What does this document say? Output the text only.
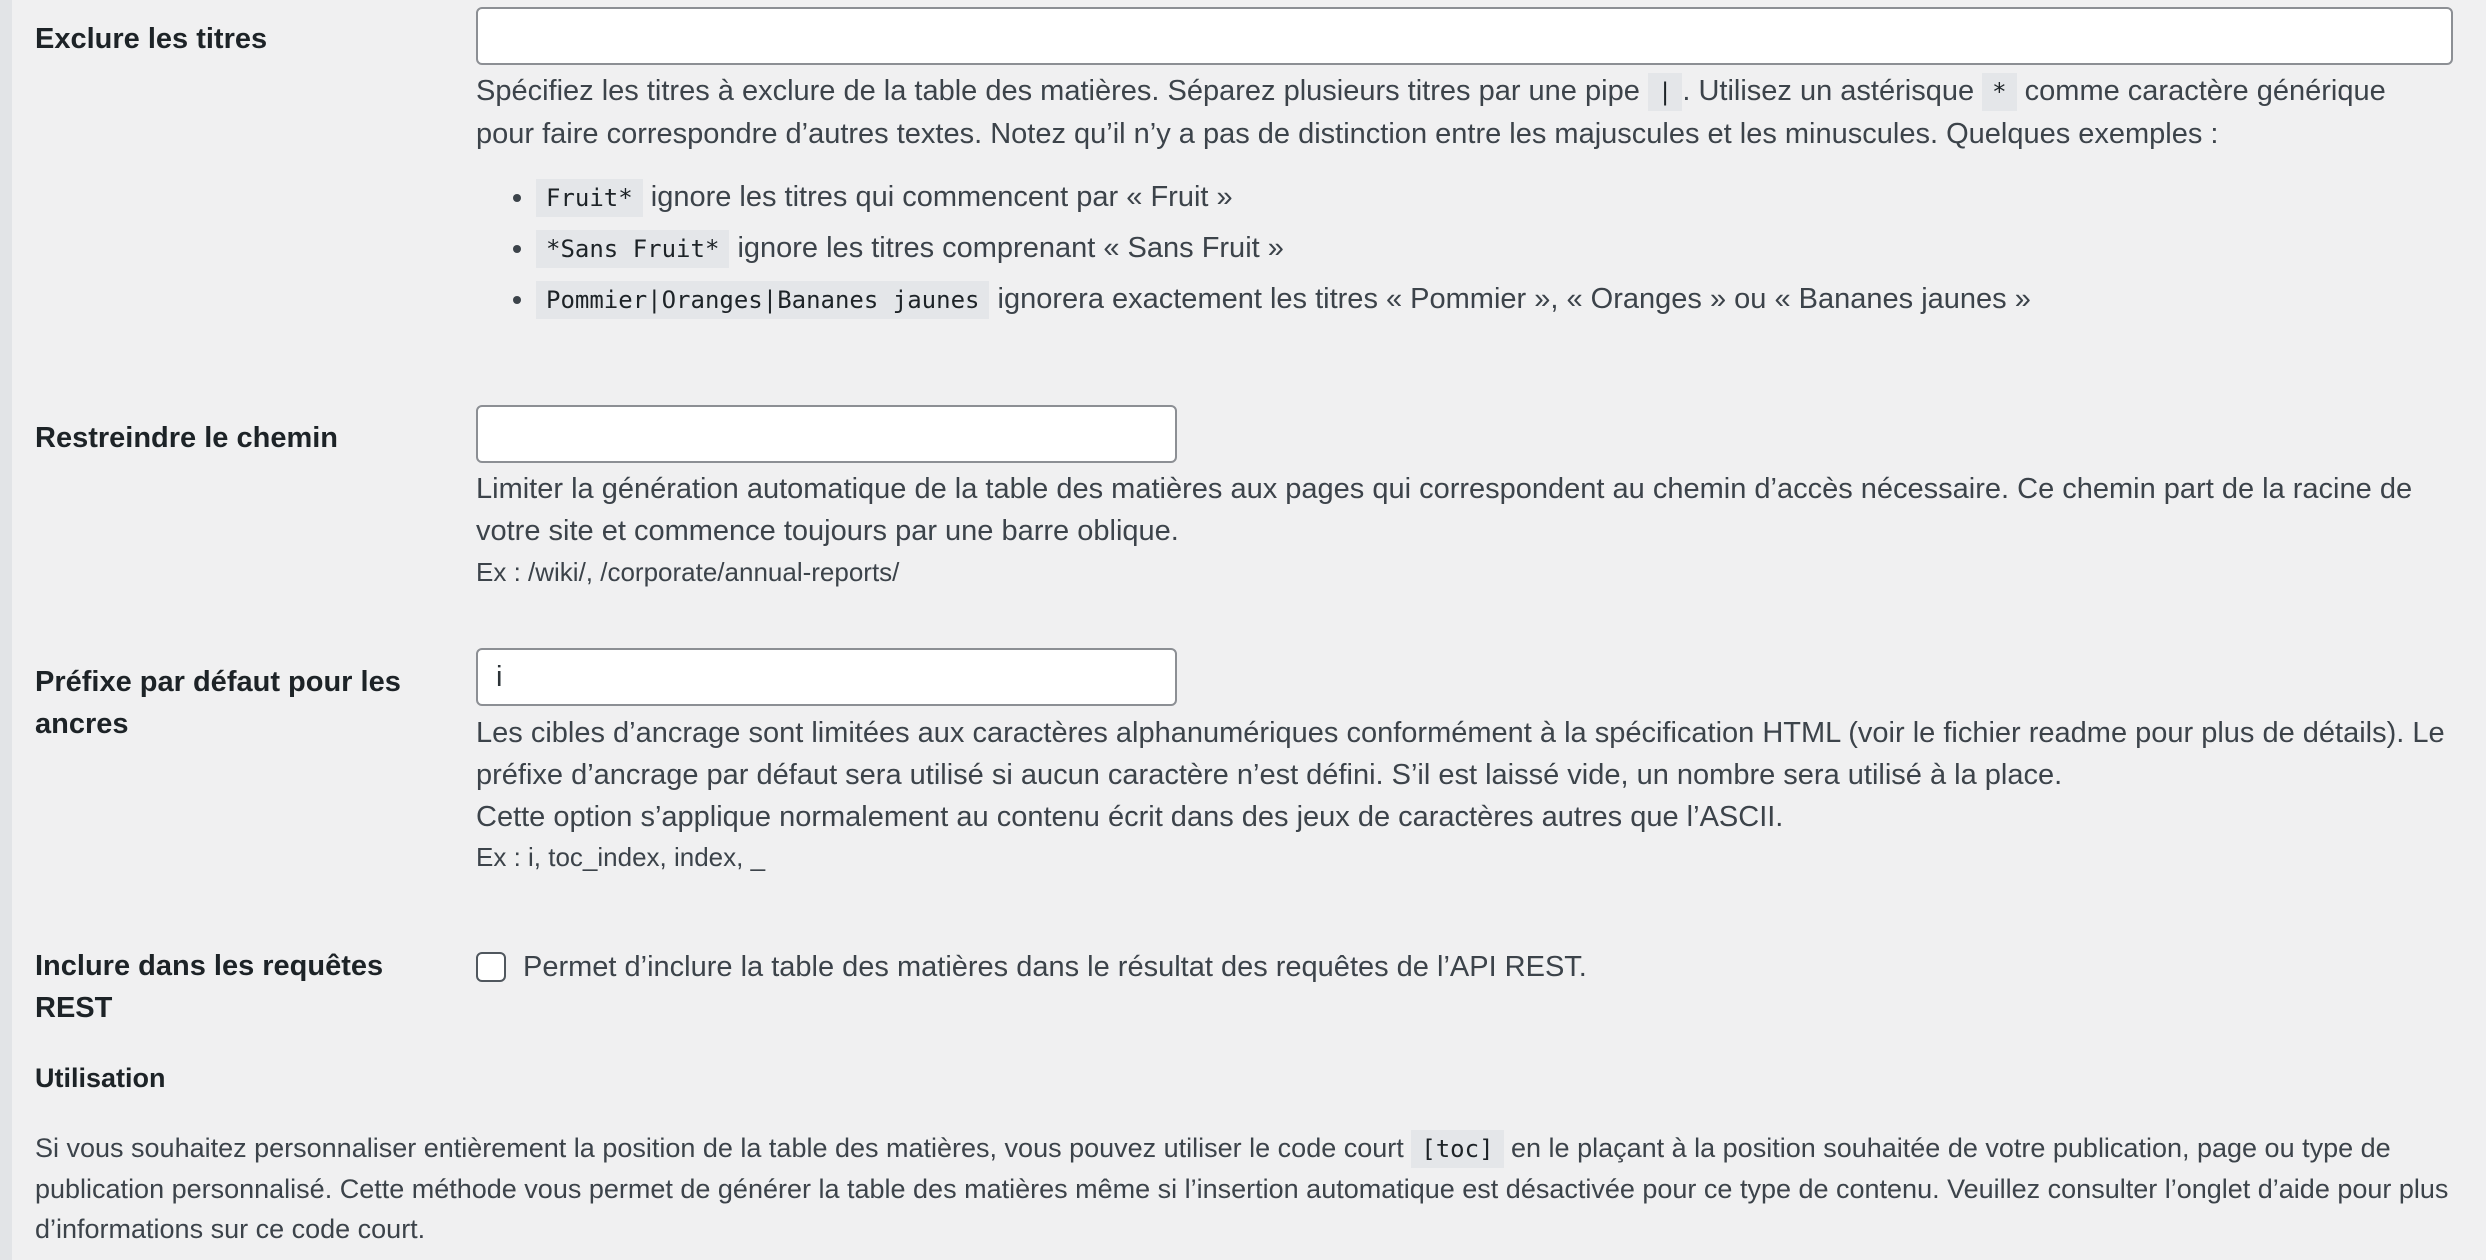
Exclure les titres
Spécifiez les titres à exclure de la table des matières. Séparez plusieurs titres par une pipe | . Utilisez un astérisque * comme caractère générique pour faire correspondre d’autres textes. Notez qu’il n’y a pas de distinction entre les majuscules et les minuscules. Quelques exemples :
• Fruit* ignore les titres qui commencent par « Fruit »
• *Sans Fruit* ignore les titres comprenant « Sans Fruit »
• Pommier|Oranges|Bananes jaunes ignorera exactement les titres « Pommier », « Oranges » ou « Bananes jaunes »
Restreindre le chemin
Limiter la génération automatique de la table des matières aux pages qui correspondent au chemin d’accès nécessaire. Ce chemin part de la racine de votre site et commence toujours par une barre oblique.
Ex : /wiki/, /corporate/annual-reports/
Préfixe par défaut pour les ancres
i	Les cibles d’ancrage sont limitées aux caractères alphanumériques conformément à la spécification HTML (voir le fichier readme pour plus de détails). Le préfixe d’ancrage par défaut sera utilisé si aucun caractère n’est défini. S’il est laissé vide, un nombre sera utilisé à la place.
Cette option s’applique normalement au contenu écrit dans des jeux de caractères autres que l’ASCII.
Ex : i, toc_index, index, _
Inclure dans les requêtes REST
Permet d’inclure la table des matières dans le résultat des requêtes de l’API REST.
Utilisation
Si vous souhaitez personnaliser entièrement la position de la table des matières, vous pouvez utiliser le code court [toc] en le plaçant à la position souhaitée de votre publication, page ou type de publication personnalisé. Cette méthode vous permet de générer la table des matières même si l’insertion automatique est désactivée pour ce type de contenu. Veuillez consulter l’onglet d’aide pour plus d’informations sur ce code court.
